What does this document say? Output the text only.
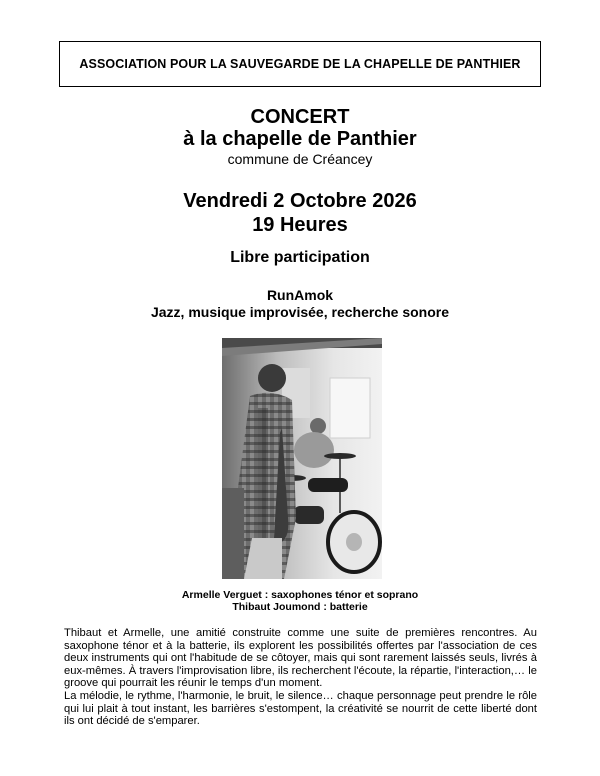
ASSOCIATION POUR LA SAUVEGARDE DE LA CHAPELLE DE PANTHIER
CONCERT
à la chapelle de Panthier
commune de Créancey
Vendredi 2 Octobre 2026
19 Heures
Libre participation
RunAmok
Jazz, musique improvisée, recherche sonore
Armelle Verguet : saxophones ténor et soprano
Thibaut Joumond : batterie

Thibaut et Armelle, une amitié construite comme une suite de premières rencontres. Au saxophone ténor et à la batterie, ils explorent les possibilités offertes par l'association de ces deux instruments qui ont l'habitude de se côtoyer, mais qui sont rarement laissés seuls, livrés à eux-mêmes. À travers l'improvisation libre, ils recherchent l'écoute, la répartie, l'interaction,… le groove qui pourrait les réunir le temps d'un moment.

La mélodie, le rythme, l'harmonie, le bruit, le silence… chaque personnage peut prendre le rôle qui lui plait à tout instant, les barrières s'estompent, la créativité se nourrit de cette liberté dont ils ont décidé de s'emparer.
